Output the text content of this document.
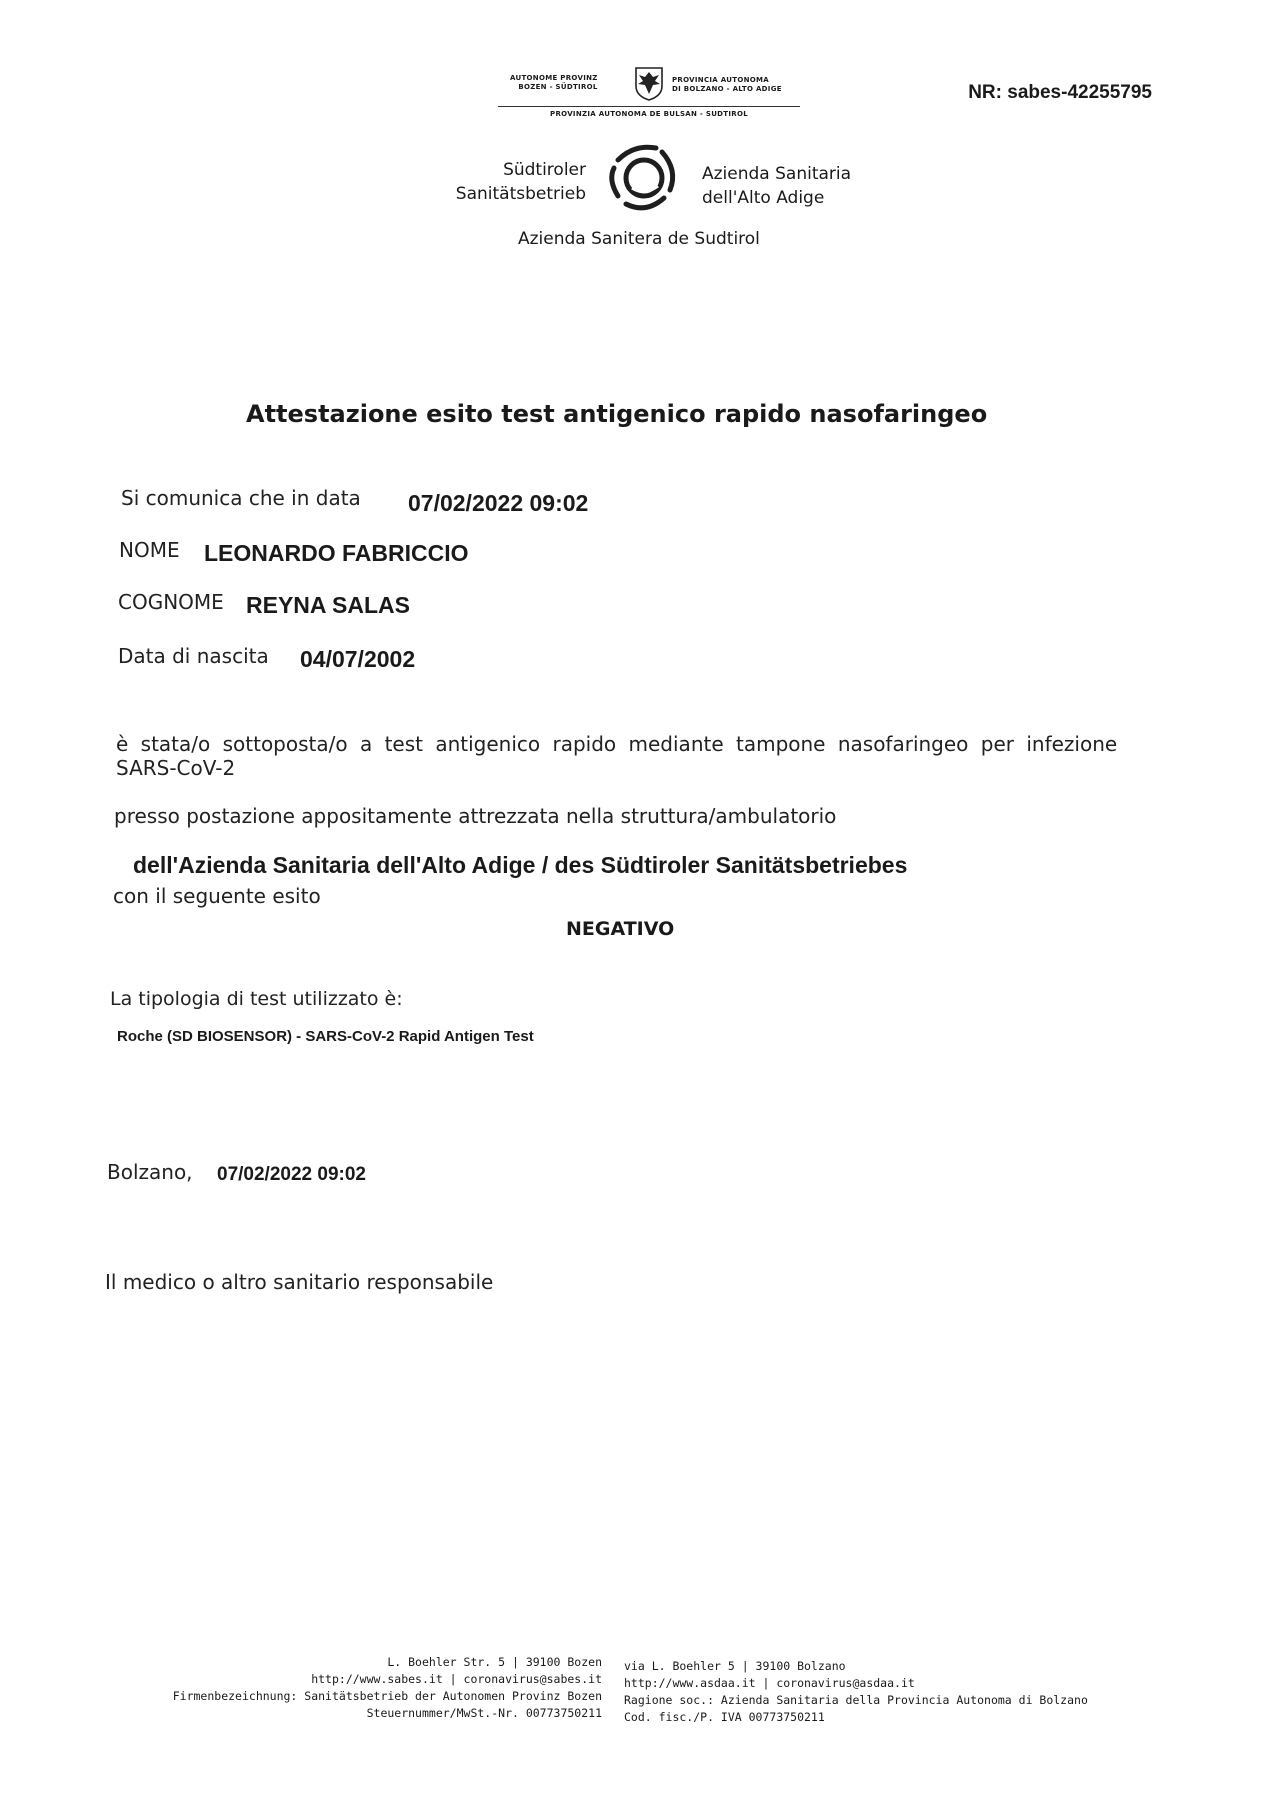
AUTONOME PROVINZ
BOZEN - SÜDTIROL
PROVINCIA AUTONOMA
DI BOLZANO - ALTO ADIGE
PROVINZIA AUTONOMA DE BULSAN - SUDTIROL
NR: sabes-42255795
Südtiroler
Sanitätsbetrieb
Azienda Sanitaria
dell'Alto Adige
Azienda Sanitera de Sudtirol
Attestazione esito test antigenico rapido nasofaringeo
Si comunica che in data 07/02/2022 09:02
NOME LEONARDO FABRICCIO
COGNOME REYNA SALAS
Data di nascita 04/07/2002
è stata/o sottoposta/o a test antigenico rapido mediante tampone nasofaringeo per infezione
SARS-CoV-2
presso postazione appositamente attrezzata nella struttura/ambulatorio
dell'Azienda Sanitaria dell'Alto Adige / des Südtiroler Sanitätsbetriebes
con il seguente esito
NEGATIVO
La tipologia di test utilizzato è:
Roche (SD BIOSENSOR) - SARS-CoV-2 Rapid Antigen Test
Bolzano, 07/02/2022 09:02
Il medico o altro sanitario responsabile
L. Boehler Str. 5 | 39100 Bozen
http://www.sabes.it | coronavirus@sabes.it
Firmenbezeichnung: Sanitätsbetrieb der Autonomen Provinz Bozen
Steuernummer/MwSt.-Nr. 00773750211
via L. Boehler 5 | 39100 Bolzano
http://www.asdaa.it | coronavirus@asdaa.it
Ragione soc.: Azienda Sanitaria della Provincia Autonoma di Bolzano
Cod. fisc./P. IVA 00773750211
